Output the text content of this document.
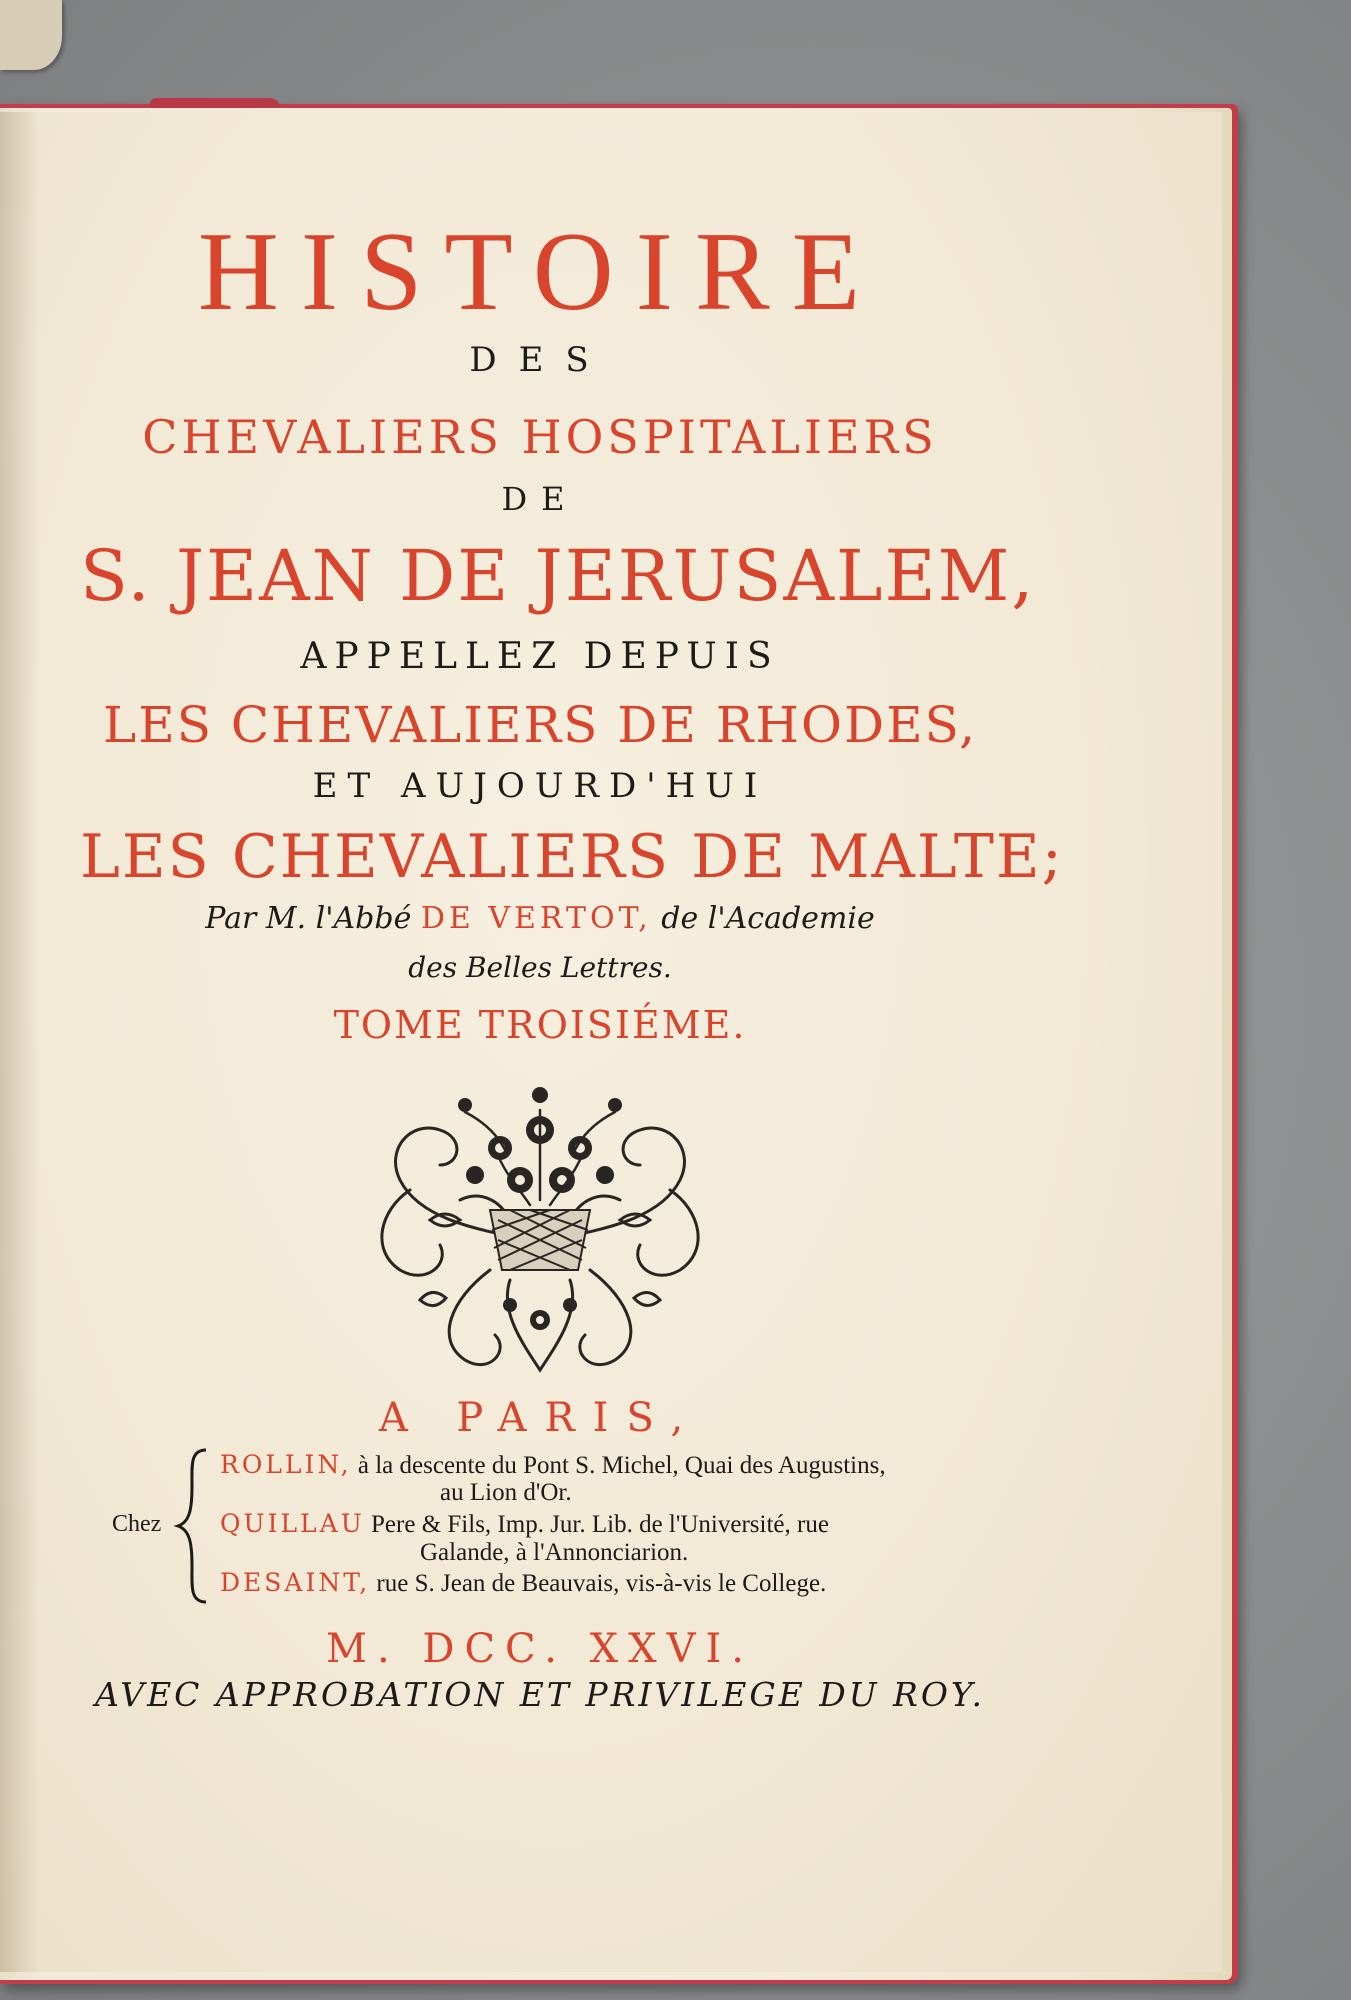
HISTOIRE
DES
CHEVALIERS HOSPITALIERS
DE
S. JEAN DE JERUSALEM,
APPELLEZ DEPUIS
LES CHEVALIERS DE RHODES,
ET AUJOURD'HUI
LES CHEVALIERS DE MALTE;
Par M. l'Abbé DE VERTOT, de l'Academie
des Belles Lettres.
TOME TROISIÉME.
A PARIS,
Chez
ROLLIN, à la descente du Pont S. Michel, Quai des Augustins,
au Lion d'Or.
QUILLAU Pere & Fils, Imp. Jur. Lib. de l'Université, rue
Galande, à l'Annonciarion.
DESAINT, rue S. Jean de Beauvais, vis-à-vis le College.
M. DCC. XXVI.
AVEC APPROBATION ET PRIVILEGE DU ROY.
